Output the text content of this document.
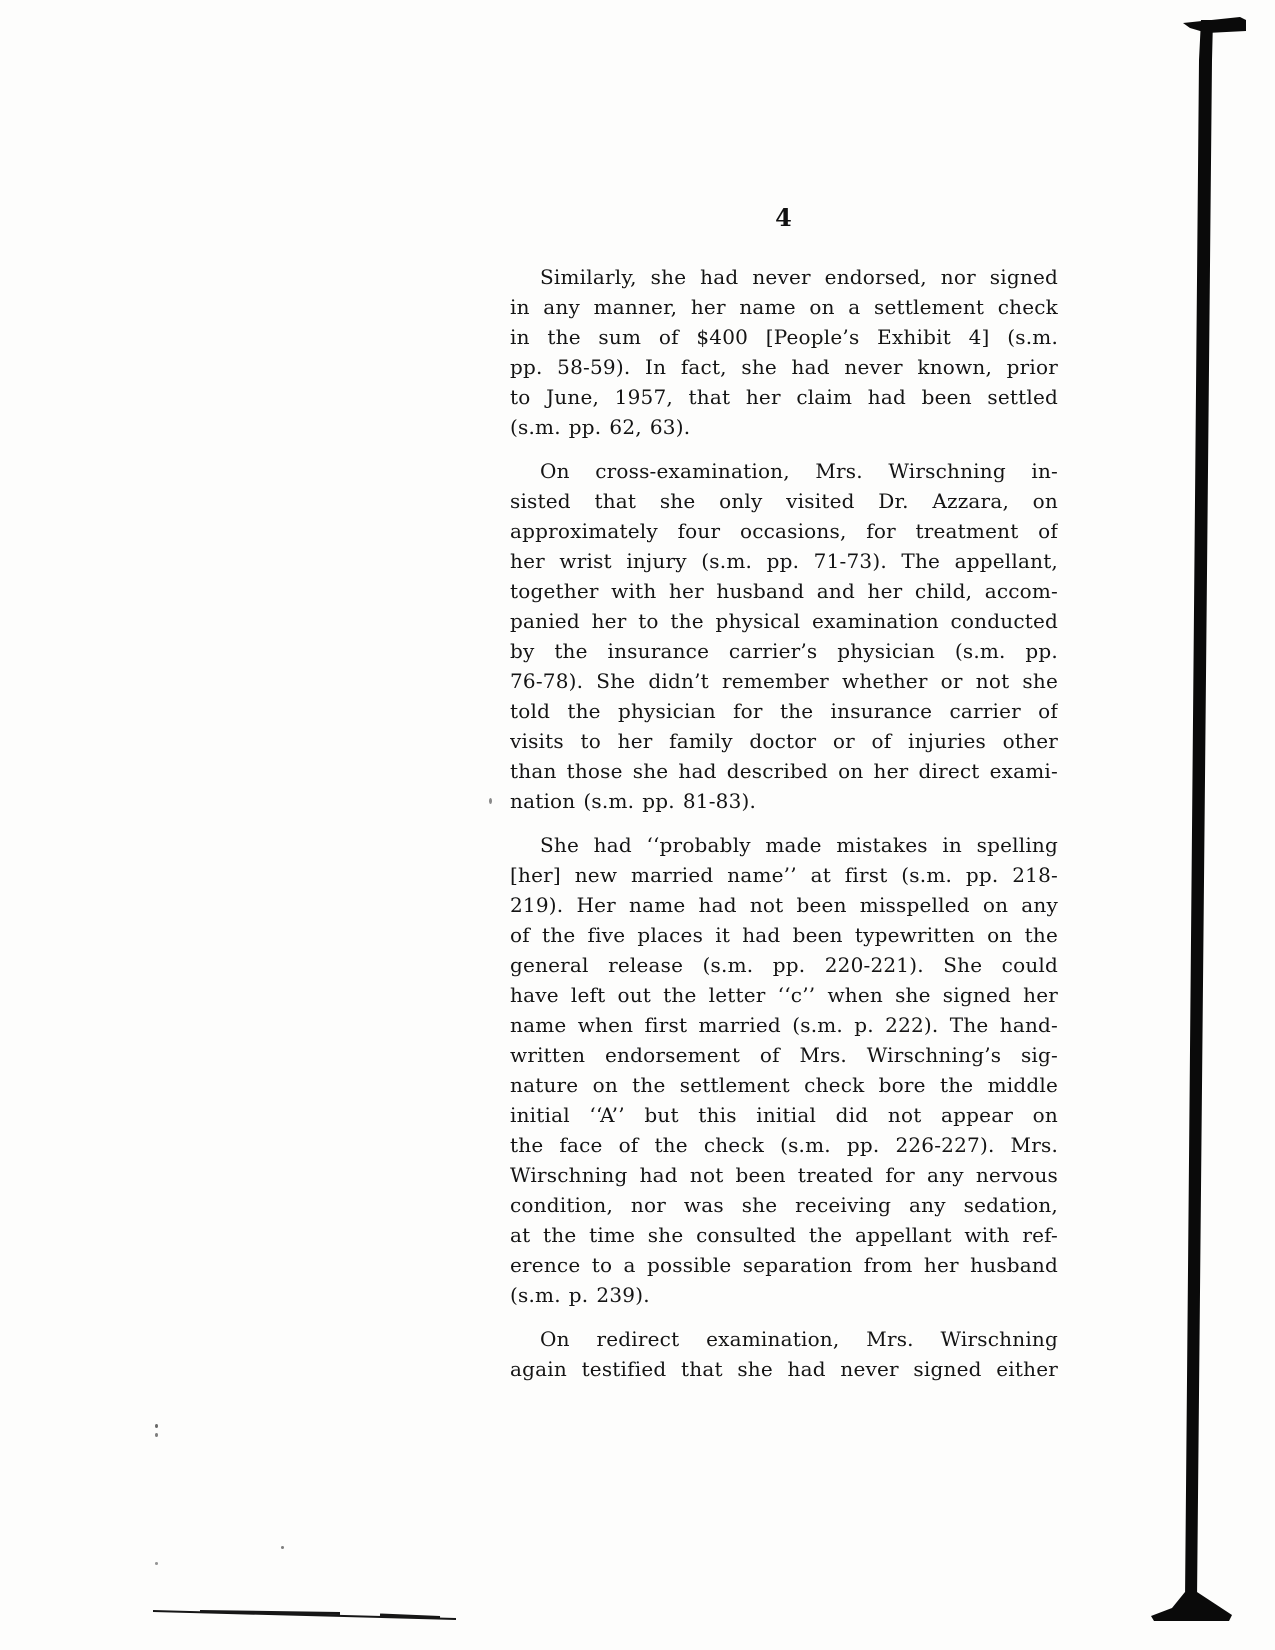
4
Similarly, she had never endorsed, nor signed
in any manner, her name on a settlement check
in the sum of $400 [People’s Exhibit 4] (s.m.
pp. 58-59). In fact, she had never known, prior
to June, 1957, that her claim had been settled
(s.m. pp. 62, 63).
On cross-examination, Mrs. Wirschning in-
sisted that she only visited Dr. Azzara, on
approximately four occasions, for treatment of
her wrist injury (s.m. pp. 71-73). The appellant,
together with her husband and her child, accom-
panied her to the physical examination conducted
by the insurance carrier’s physician (s.m. pp.
76-78). She didn’t remember whether or not she
told the physician for the insurance carrier of
visits to her family doctor or of injuries other
than those she had described on her direct exami-
nation (s.m. pp. 81-83).
She had ‘‘probably made mistakes in spelling
[her] new married name’’ at first (s.m. pp. 218-
219). Her name had not been misspelled on any
of the five places it had been typewritten on the
general release (s.m. pp. 220-221). She could
have left out the letter ‘‘c’’ when she signed her
name when first married (s.m. p. 222). The hand-
written endorsement of Mrs. Wirschning’s sig-
nature on the settlement check bore the middle
initial ‘‘A’’ but this initial did not appear on
the face of the check (s.m. pp. 226-227). Mrs.
Wirschning had not been treated for any nervous
condition, nor was she receiving any sedation,
at the time she consulted the appellant with ref-
erence to a possible separation from her husband
(s.m. p. 239).
On redirect examination, Mrs. Wirschning
again testified that she had never signed either
